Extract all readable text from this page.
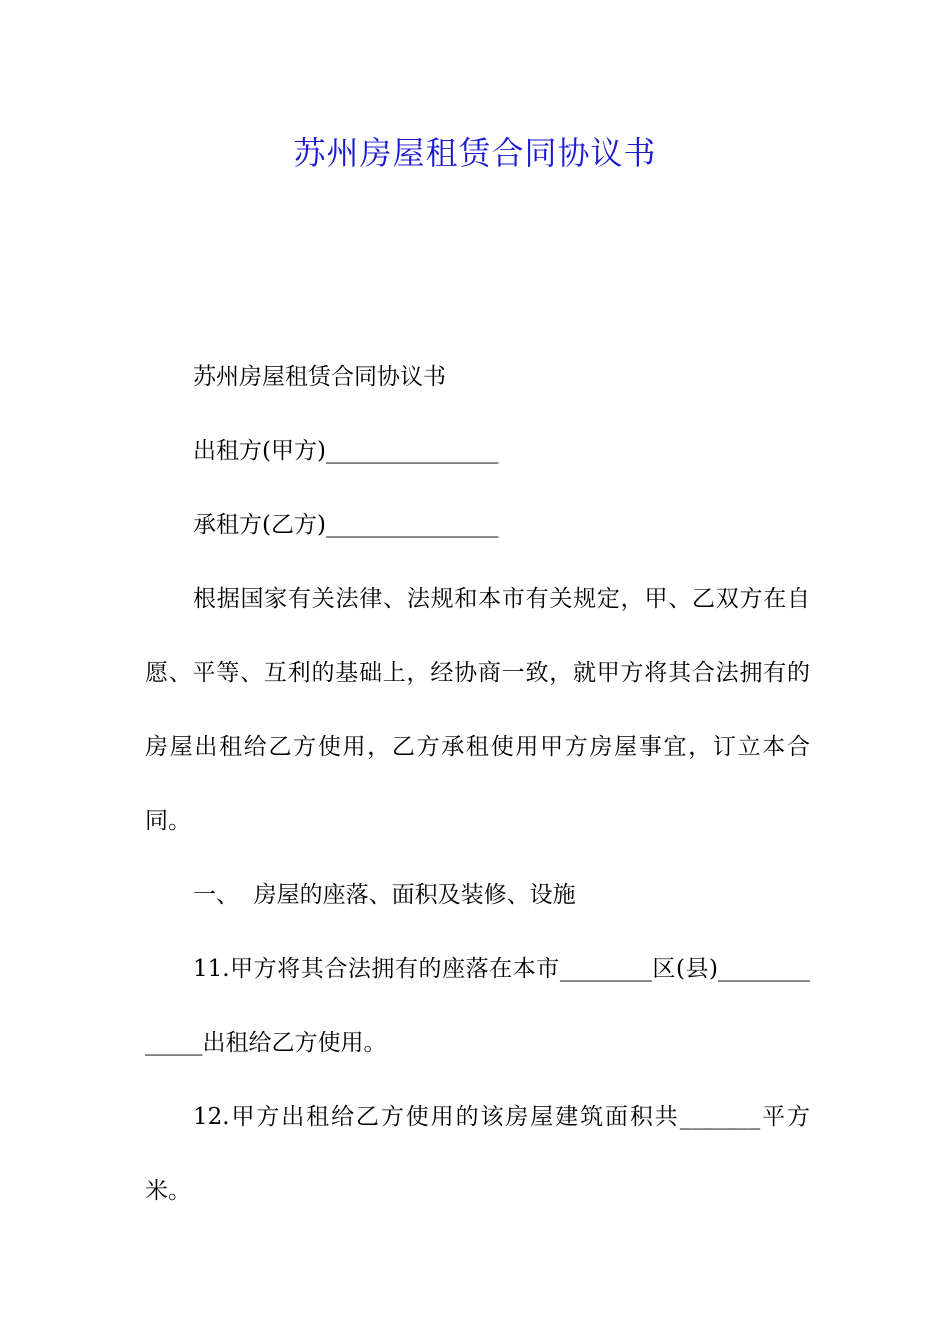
苏州房屋租赁合同协议书

苏州房屋租赁合同协议书

出租方(甲方)_______________

承租方(乙方)_______________

根据国家有关法律、法规和本市有关规定，甲、乙双方在自愿、平等、互利的基础上，经协商一致，就甲方将其合法拥有的房屋出租给乙方使用，乙方承租使用甲方房屋事宜，订立本合同。

一、  房屋的座落、面积及装修、设施

11.甲方将其合法拥有的座落在本市________区(县)_____________出租给乙方使用。

12.甲方出租给乙方使用的该房屋建筑面积共_______平方米。
